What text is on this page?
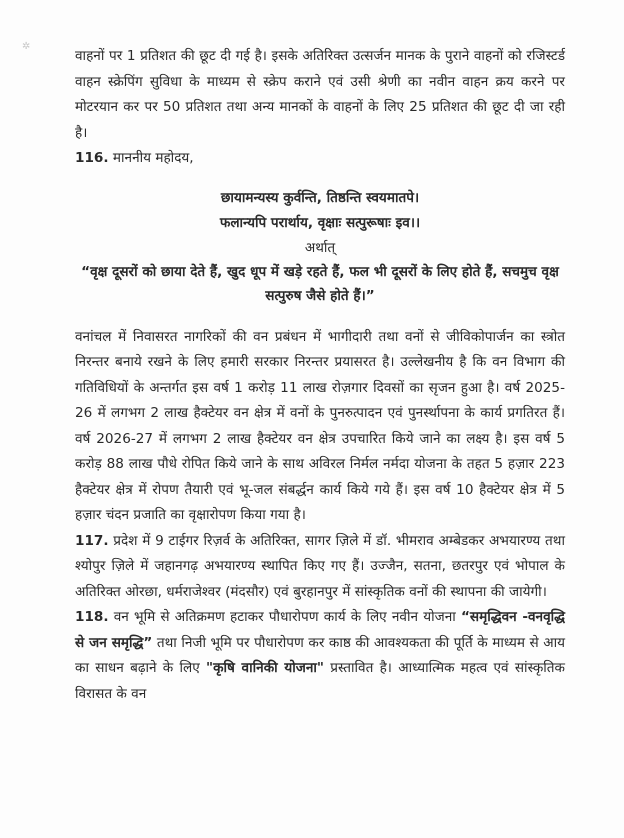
✲

वाहनों पर 1 प्रतिशत की छूट दी गई है। इसके अतिरिक्त उत्सर्जन मानक के पुराने वाहनों को रजिस्टर्ड वाहन स्क्रेपिंग सुविधा के माध्यम से स्क्रेप कराने एवं उसी श्रेणी का नवीन वाहन क्रय करने पर मोटरयान कर पर 50 प्रतिशत तथा अन्य मानकों के वाहनों के लिए 25 प्रतिशत की छूट दी जा रही है।

116. माननीय महोदय,

छायामन्यस्य कुर्वन्ति, तिष्ठन्ति स्वयमातपे।
फलान्यपि परार्थाय, वृक्षाः सत्पुरूषाः इव।।

अर्थात्

“वृक्ष दूसरों को छाया देते हैं, खुद धूप में खड़े रहते हैं, फल भी दूसरों के लिए होते हैं, सचमुच वृक्ष सत्पुरुष जैसे होते हैं।”

वनांचल में निवासरत नागरिकों की वन प्रबंधन में भागीदारी तथा वनों से जीविकोपार्जन का स्त्रोत निरन्तर बनाये रखने के लिए हमारी सरकार निरन्तर प्रयासरत है। उल्लेखनीय है कि वन विभाग की गतिविधियों के अन्तर्गत इस वर्ष 1 करोड़ 11 लाख रोज़गार दिवसों का सृजन हुआ है। वर्ष 2025-26 में लगभग 2 लाख हैक्टेयर वन क्षेत्र में वनों के पुनरुत्पादन एवं पुनर्स्थापना के कार्य प्रगतिरत हैं। वर्ष 2026-27 में लगभग 2 लाख हैक्टेयर वन क्षेत्र उपचारित किये जाने का लक्ष्य है। इस वर्ष 5 करोड़ 88 लाख पौधे रोपित किये जाने के साथ अविरल निर्मल नर्मदा योजना के तहत 5 हज़ार 223 हैक्टेयर क्षेत्र में रोपण तैयारी एवं भू-जल संबर्द्धन कार्य किये गये हैं। इस वर्ष 10 हैक्टेयर क्षेत्र में 5 हज़ार चंदन प्रजाति का वृक्षारोपण किया गया है।

117. प्रदेश में 9 टाईगर रिज़र्व के अतिरिक्त, सागर ज़िले में डॉ. भीमराव अम्बेडकर अभयारण्य तथा श्योपुर ज़िले में जहानगढ़ अभयारण्य स्थापित किए गए हैं। उज्जैन, सतना, छतरपुर एवं भोपाल के अतिरिक्त ओरछा, धर्मराजेश्वर (मंदसौर) एवं बुरहानपुर में सांस्कृतिक वनों की स्थापना की जायेगी।

118. वन भूमि से अतिक्रमण हटाकर पौधारोपण कार्य के लिए नवीन योजना “समृद्धिवन -वनवृद्धि से जन समृद्धि” तथा निजी भूमि पर पौधारोपण कर काष्ठ की आवश्यकता की पूर्ति के माध्यम से आय का साधन बढ़ाने के लिए "कृषि वानिकी योजना" प्रस्तावित है। आध्यात्मिक महत्व एवं सांस्कृतिक विरासत के वन
